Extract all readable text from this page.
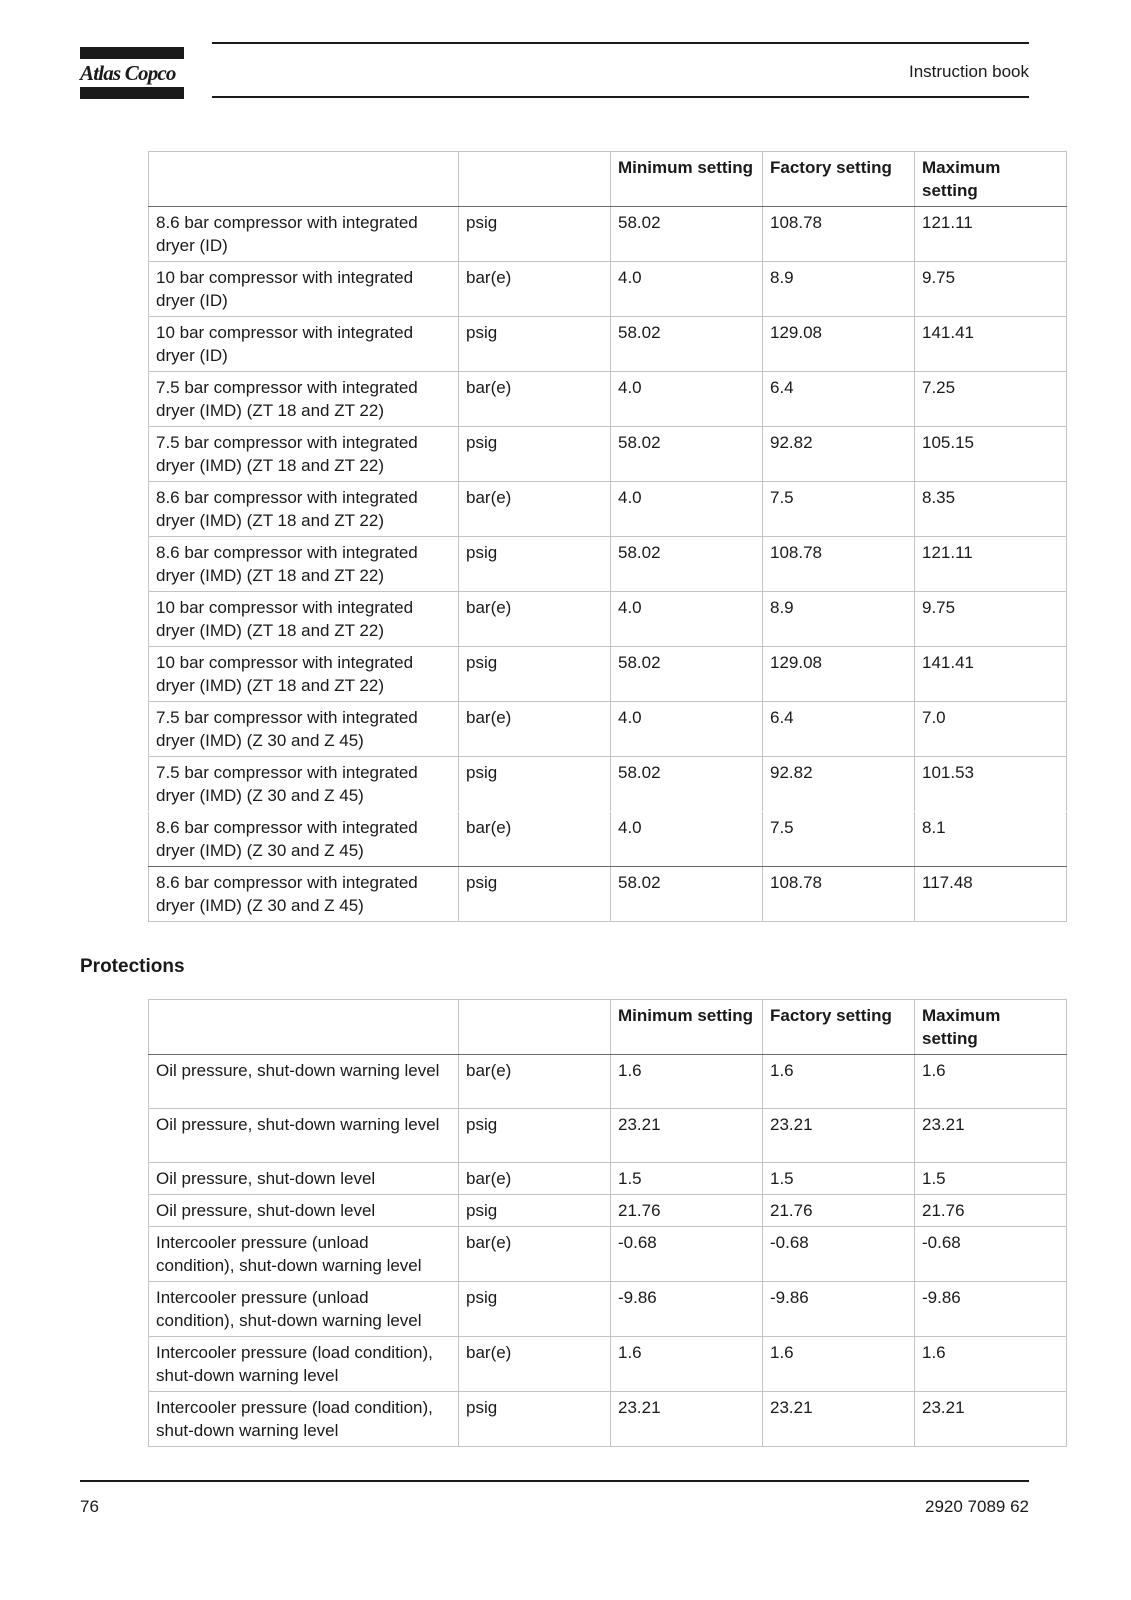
Atlas Copco	Instruction book
		Minimum setting	Factory setting	Maximum setting
8.6 bar compressor with integrated dryer (ID)	psig	58.02	108.78	121.11
10 bar compressor with integrated dryer (ID)	bar(e)	4.0	8.9	9.75
10 bar compressor with integrated dryer (ID)	psig	58.02	129.08	141.41
7.5 bar compressor with integrated dryer (IMD) (ZT 18 and ZT 22)	bar(e)	4.0	6.4	7.25
7.5 bar compressor with integrated dryer (IMD) (ZT 18 and ZT 22)	psig	58.02	92.82	105.15
8.6 bar compressor with integrated dryer (IMD) (ZT 18 and ZT 22)	bar(e)	4.0	7.5	8.35
8.6 bar compressor with integrated dryer (IMD) (ZT 18 and ZT 22)	psig	58.02	108.78	121.11
10 bar compressor with integrated dryer (IMD) (ZT 18 and ZT 22)	bar(e)	4.0	8.9	9.75
10 bar compressor with integrated dryer (IMD) (ZT 18 and ZT 22)	psig	58.02	129.08	141.41
7.5 bar compressor with integrated dryer (IMD) (Z 30 and Z 45)	bar(e)	4.0	6.4	7.0
7.5 bar compressor with integrated dryer (IMD) (Z 30 and Z 45)	psig	58.02	92.82	101.53
8.6 bar compressor with integrated dryer (IMD) (Z 30 and Z 45)	bar(e)	4.0	7.5	8.1
8.6 bar compressor with integrated dryer (IMD) (Z 30 and Z 45)	psig	58.02	108.78	117.48
Protections
		Minimum setting	Factory setting	Maximum setting
Oil pressure, shut-down warning level	bar(e)	1.6	1.6	1.6
Oil pressure, shut-down warning level	psig	23.21	23.21	23.21
Oil pressure, shut-down level	bar(e)	1.5	1.5	1.5
Oil pressure, shut-down level	psig	21.76	21.76	21.76
Intercooler pressure (unload condition), shut-down warning level	bar(e)	-0.68	-0.68	-0.68
Intercooler pressure (unload condition), shut-down warning level	psig	-9.86	-9.86	-9.86
Intercooler pressure (load condition), shut-down warning level	bar(e)	1.6	1.6	1.6
Intercooler pressure (load condition), shut-down warning level	psig	23.21	23.21	23.21
76	2920 7089 62
